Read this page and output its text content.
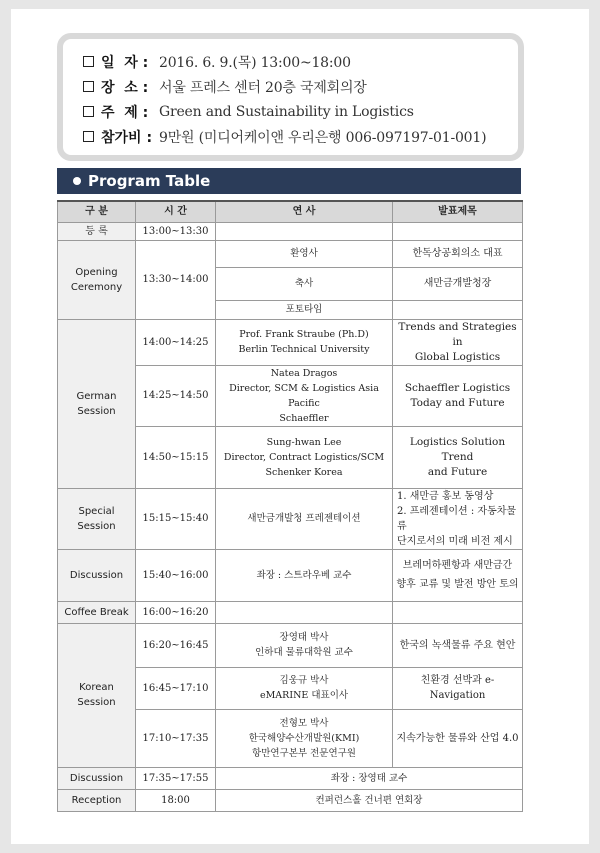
일  자 : 2016. 6. 9.(목) 13:00~18:00
장  소 : 서울 프레스 센터 20층 국제회의장
주  제 : Green and Sustainability in Logistics
참가비 : 9만원 (미디어케이앤 우리은행 006-097197-01-001)
Program Table
구 분	시 간	연 사	발표제목
등 록	13:00~13:30		

Opening
Ceremony	13:30~14:00	환영사	한독상공회의소 대표
		축사	새만금개발청장
		포토타임	

German
Session	14:00~14:25	Prof. Frank Straube (Ph.D)
Berlin Technical University	Trends and Strategies in
Global Logistics

	14:25~14:50	Natea Dragos
Director, SCM & Logistics Asia Pacific
Schaeffler	Schaeffler Logistics
Today and Future

	14:50~15:15	Sung-hwan Lee
Director, Contract Logistics/SCM
Schenker Korea	Logistics Solution Trend
and Future

Special
Session	15:15~15:40	새만금개발청 프레젠테이션	1. 새만금 홍보 동영상
2. 프레젠테이션 : 자동차물류
단지로서의 미래 비전 제시

Discussion	15:40~16:00	좌장 : 스트라우베 교수	브레머하펜항과 새만금간
향후 교류 및 발전 방안 토의

Coffee Break	16:00~16:20		

Korean
Session	16:20~16:45	장영태 박사
인하대 물류대학원 교수	한국의 녹색물류 주요 현안
	16:45~17:10	김웅규 박사
eMARINE 대표이사	친환경 선박과 e-Navigation
	17:10~17:35	전형모 박사
한국해양수산개발원(KMI)
항만연구본부 전문연구원	지속가능한 물류와 산업 4.0
Discussion	17:35~17:55	좌장 : 장영태 교수	
Reception	18:00	컨퍼런스홀 건너편 연회장	
